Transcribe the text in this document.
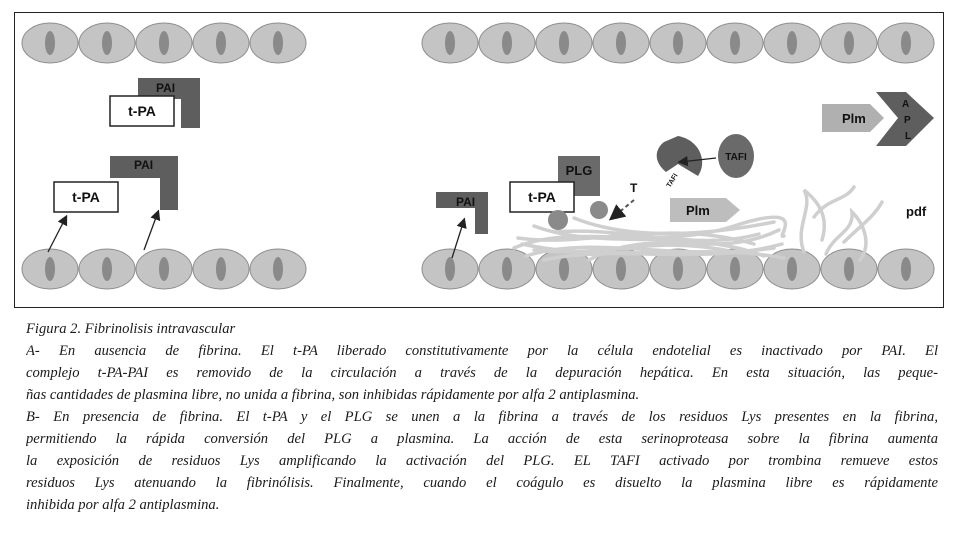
PAI
t-PA
PAI
t-PA
pdf
Plm
A
P
L
TAFI
TAFI
PLG
t-PA
T
Plm
PAI
Figura 2. Fibrinolisis intravascular
A- En ausencia de fibrina. El t-PA liberado constitutivamente por la célula endotelial es inactivado por PAI. El
complejo t-PA-PAI es removido de la circulación a través de la depuración hepática. En esta situación, las peque-
ñas cantidades de plasmina libre, no unida a fibrina, son inhibidas rápidamente por alfa 2 antiplasmina.
B- En presencia de fibrina. El t-PA y el PLG se unen a la fibrina a través de los residuos Lys presentes en la fibrina,
permitiendo la rápida conversión del PLG a plasmina. La acción de esta serinoproteasa sobre la fibrina aumenta
la exposición de residuos Lys amplificando la activación del PLG. EL TAFI activado por trombina remueve estos
residuos Lys atenuando la fibrinólisis. Finalmente, cuando el coágulo es disuelto la plasmina libre es rápidamente
inhibida por alfa 2 antiplasmina.
